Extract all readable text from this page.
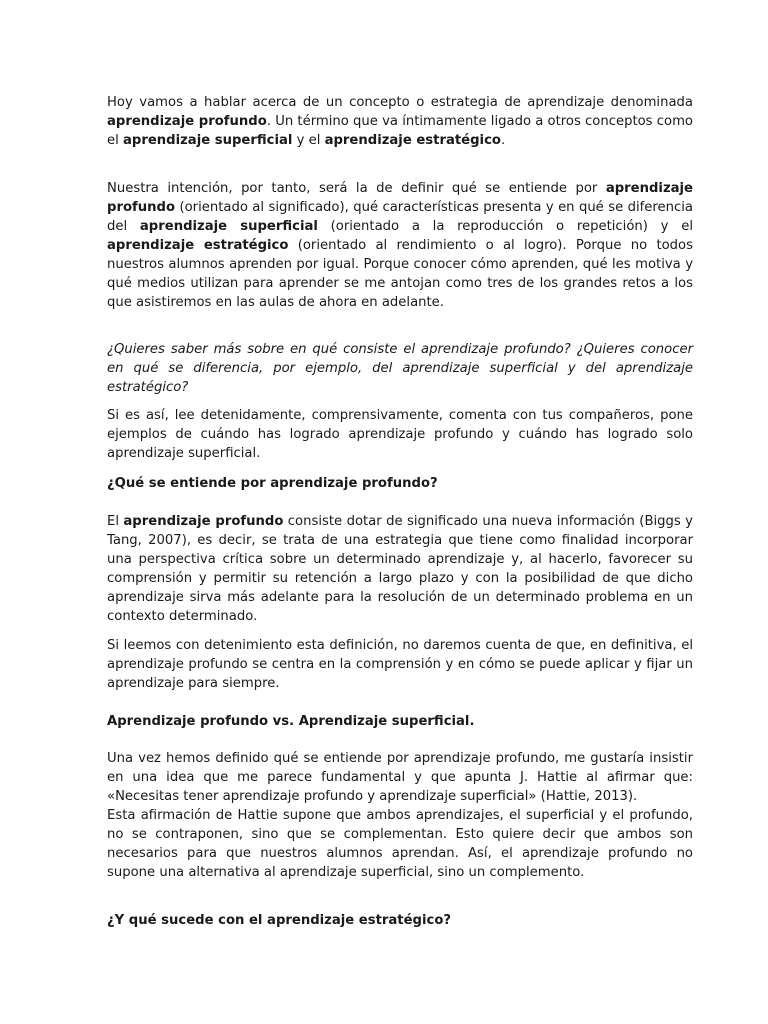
Hoy vamos a hablar acerca de un concepto o estrategia de aprendizaje denominada aprendizaje profundo. Un término que va íntimamente ligado a otros conceptos como el aprendizaje superficial y el aprendizaje estratégico.

Nuestra intención, por tanto, será la de definir qué se entiende por aprendizaje profundo (orientado al significado), qué características presenta y en qué se diferencia del aprendizaje superficial (orientado a la reproducción o repetición) y el aprendizaje estratégico (orientado al rendimiento o al logro). Porque no todos nuestros alumnos aprenden por igual. Porque conocer cómo aprenden, qué les motiva y qué medios utilizan para aprender se me antojan como tres de los grandes retos a los que asistiremos en las aulas de ahora en adelante.

¿Quieres saber más sobre en qué consiste el aprendizaje profundo? ¿Quieres conocer en qué se diferencia, por ejemplo, del aprendizaje superficial y del aprendizaje estratégico?

Si es así, lee detenidamente, comprensivamente, comenta con tus compañeros, pone ejemplos de cuándo has logrado aprendizaje profundo y cuándo has logrado solo aprendizaje superficial.

¿Qué se entiende por aprendizaje profundo?

El aprendizaje profundo consiste dotar de significado una nueva información (Biggs y Tang, 2007), es decir, se trata de una estrategia que tiene como finalidad incorporar una perspectiva crítica sobre un determinado aprendizaje y, al hacerlo, favorecer su comprensión y permitir su retención a largo plazo y con la posibilidad de que dicho aprendizaje sirva más adelante para la resolución de un determinado problema en un contexto determinado.

Si leemos con detenimiento esta definición, no daremos cuenta de que, en definitiva, el aprendizaje profundo se centra en la comprensión y en cómo se puede aplicar y fijar un aprendizaje para siempre.

Aprendizaje profundo vs. Aprendizaje superficial.

Una vez hemos definido qué se entiende por aprendizaje profundo, me gustaría insistir en una idea que me parece fundamental y que apunta J. Hattie al afirmar que: «Necesitas tener aprendizaje profundo y aprendizaje superficial» (Hattie, 2013).

Esta afirmación de Hattie supone que ambos aprendizajes, el superficial y el profundo, no se contraponen, sino que se complementan. Esto quiere decir que ambos son necesarios para que nuestros alumnos aprendan. Así, el aprendizaje profundo no supone una alternativa al aprendizaje superficial, sino un complemento.

¿Y qué sucede con el aprendizaje estratégico?
